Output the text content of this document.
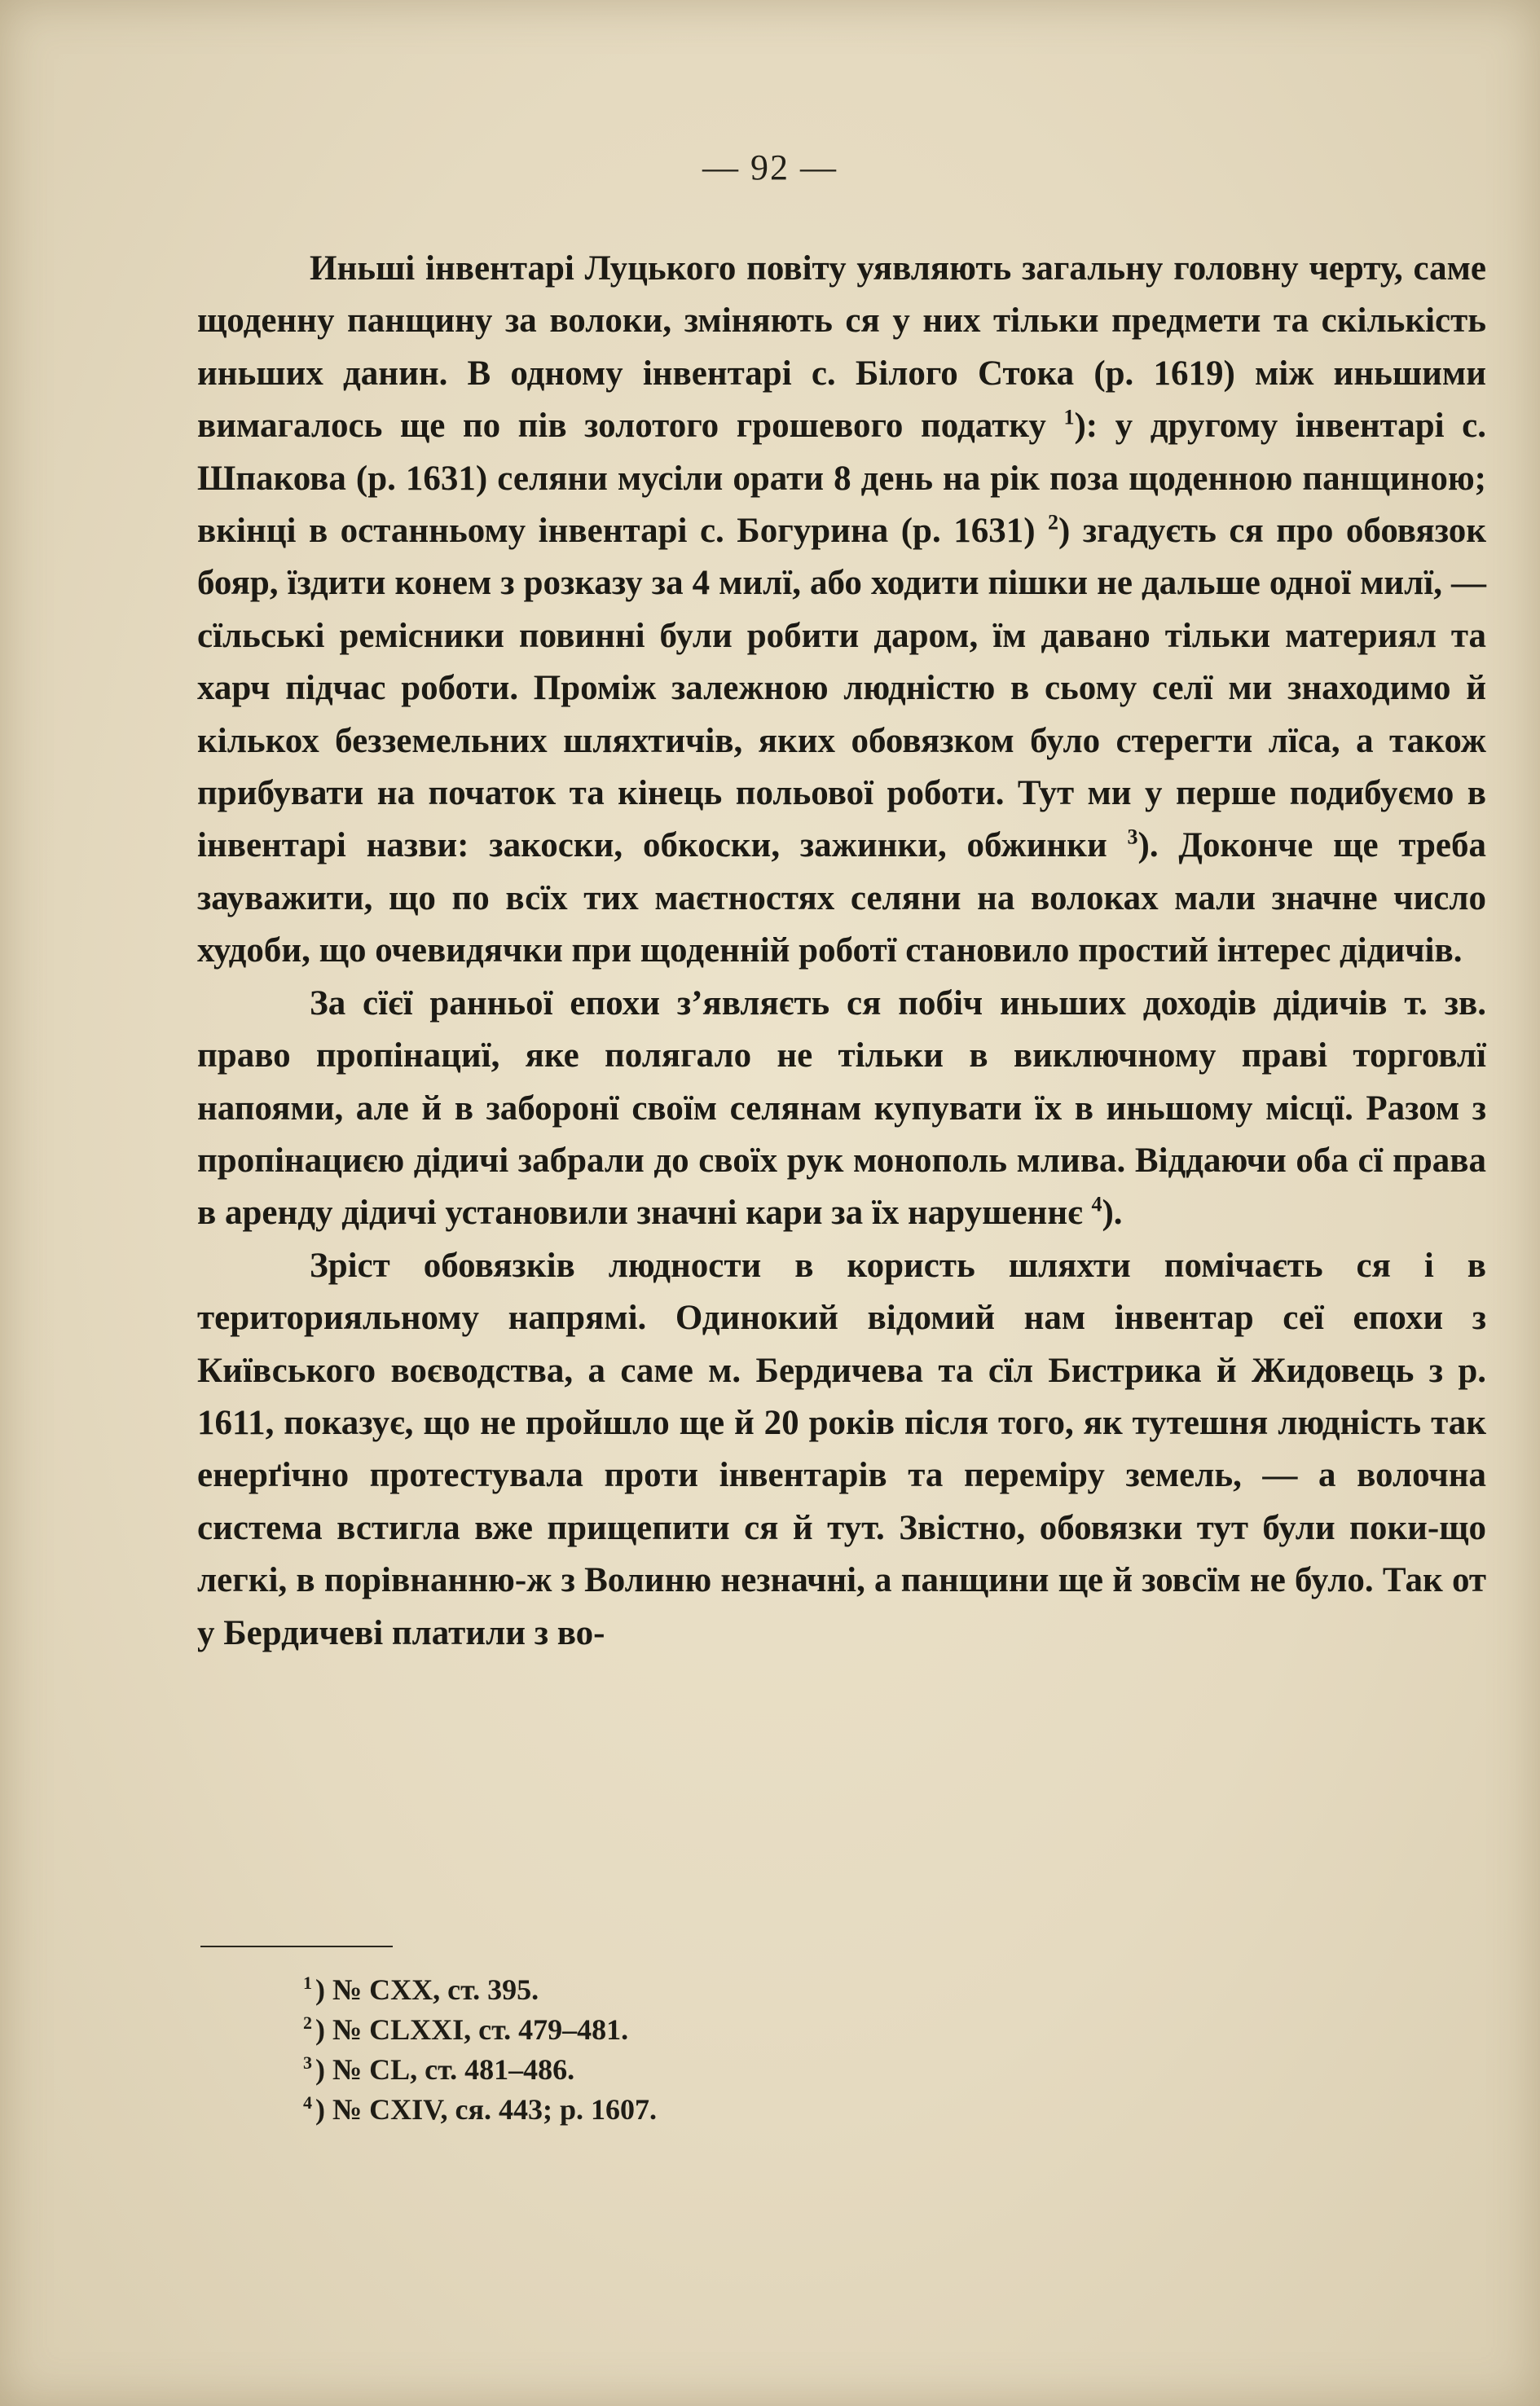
— 92 —

Иньші інвентарі Луцького повіту уявляють загальну головну черту, саме щоденну панщину за волоки, зміняють ся у них тільки предмети та скількість иньших данин. В одному інвентарі с. Білого Стока (р. 1619) між иньшими вимагалось ще по пів золотого грошевого податку $^1$): у другому інвентарі с. Шпакова (р. 1631) селяни мусіли орати 8 день на рік поза щоденною панщиною; вкінці в останньому інвентарі с. Богурина (р. 1631) $^2$) згадуєть ся про обовязок бояр, їздити конем з розказу за 4 милї, або ходити пішки не дальше одної милї, — сїльські ремісники повинні були робити даром, їм давано тільки материял та харч підчас роботи. Проміж залежною людністю в сьому селї ми знаходимо й кількох безземельних шляхтичів, яких обовязком було стерегти лїса, а також прибувати на початок та кінець польової роботи. Тут ми у перше подибуємо в інвентарі назви: закоски, обкоски, зажинки, обжинки $^3$). Доконче ще треба зауважити, що по всїх тих маєтностях селяни на волоках мали значне число худоби, що очевидячки при щоденній роботї становило простий інтерес дідичів.

За сїєї ранньої епохи з’являєть ся побіч иньших доходів дідичів т. зв. право пропінациї, яке полягало не тільки в виключному праві торговлї напоями, але й в заборонї своїм селянам купувати їх в иньшому місцї. Разом з пропінациєю дідичі забрали до своїх рук монополь млива. Віддаючи оба сї права в аренду дідичі установили значні кари за їх нарушеннє $^4$).

Зріст обовязків людности в користь шляхти помічаєть ся і в територияльному напрямі. Одинокий відомий нам інвентар сеї епохи з Київського воєводства, а саме м. Бердичева та сїл Бистрика й Жидовець з р. 1611, показує, що не пройшло ще й 20 років після того, як тутешня людність так енерґічно протестувала проти інвентарів та переміру земель, — а волочна система встигла вже прищепити ся й тут. Звістно, обовязки тут були поки-що легкі, в порівнанню-ж з Волиню незначні, а панщини ще й зовсїм не було. Так от у Бердичеві платили з во-

$^1$ ) № CXX, ст. 395.
$^2$ ) № CLXXI, ст. 479–481.
$^3$ ) № CL, ст. 481–486.
$^4$ ) № CXIV, ся. 443; р. 1607.
